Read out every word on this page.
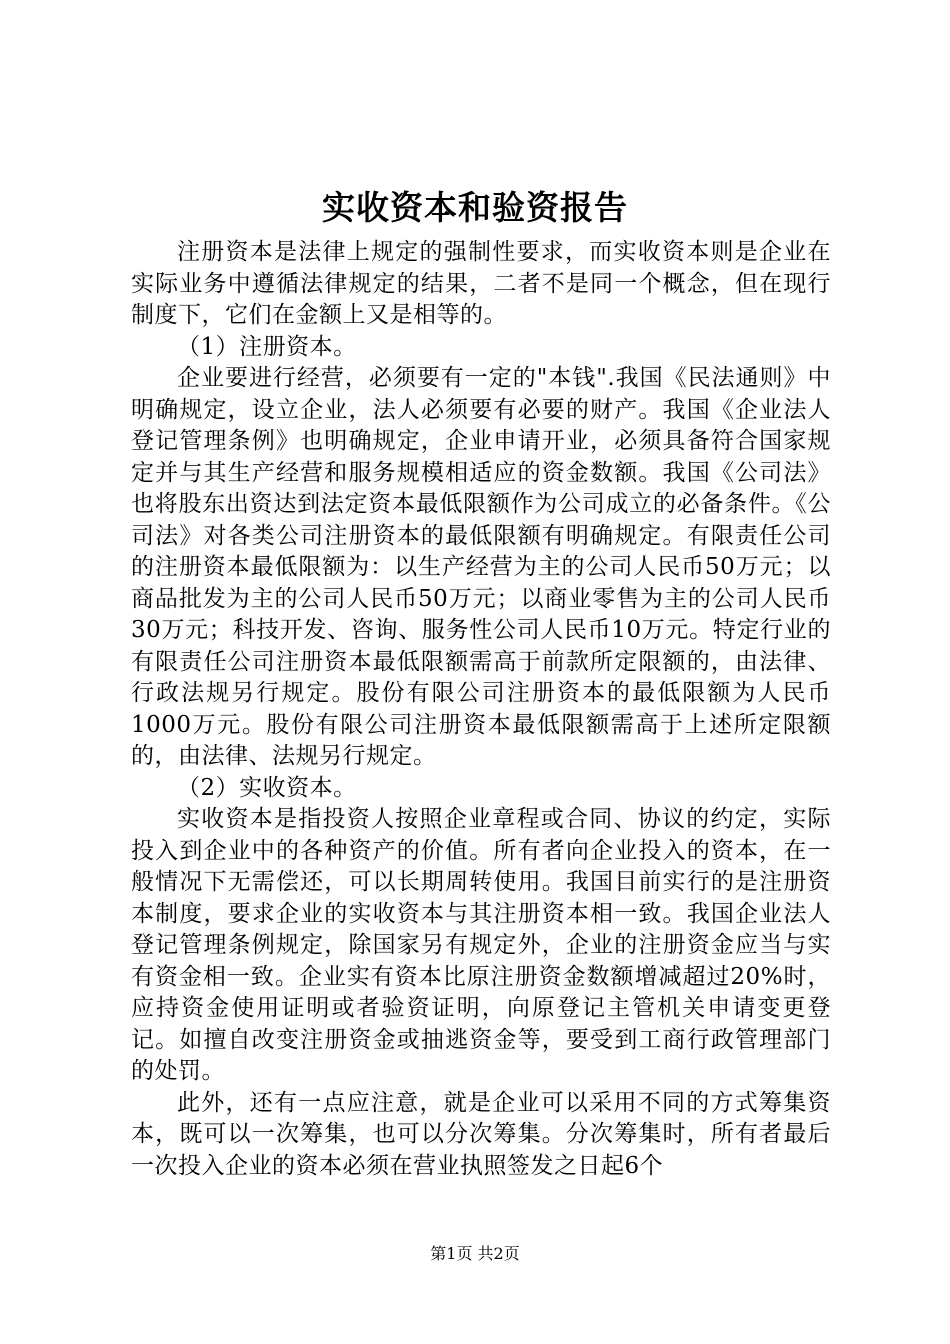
实收资本和验资报告

注册资本是法律上规定的强制性要求，而实收资本则是企业在实际业务中遵循法律规定的结果，二者不是同一个概念，但在现行制度下，它们在金额上又是相等的。

（1）注册资本。

企业要进行经营，必须要有一定的"本钱".我国《民法通则》中明确规定，设立企业，法人必须要有必要的财产。我国《企业法人登记管理条例》也明确规定，企业申请开业，必须具备符合国家规定并与其生产经营和服务规模相适应的资金数额。我国《公司法》也将股东出资达到法定资本最低限额作为公司成立的必备条件。《公司法》对各类公司注册资本的最低限额有明确规定。有限责任公司的注册资本最低限额为：以生产经营为主的公司人民币50万元；以商品批发为主的公司人民币50万元；以商业零售为主的公司人民币30万元；科技开发、咨询、服务性公司人民币10万元。特定行业的有限责任公司注册资本最低限额需高于前款所定限额的，由法律、行政法规另行规定。股份有限公司注册资本的最低限额为人民币1000万元。股份有限公司注册资本最低限额需高于上述所定限额的，由法律、法规另行规定。

（2）实收资本。

实收资本是指投资人按照企业章程或合同、协议的约定，实际投入到企业中的各种资产的价值。所有者向企业投入的资本，在一般情况下无需偿还，可以长期周转使用。我国目前实行的是注册资本制度，要求企业的实收资本与其注册资本相一致。我国企业法人登记管理条例规定，除国家另有规定外，企业的注册资金应当与实有资金相一致。企业实有资本比原注册资金数额增减超过20%时，应持资金使用证明或者验资证明，向原登记主管机关申请变更登记。如擅自改变注册资金或抽逃资金等，要受到工商行政管理部门的处罚。

此外，还有一点应注意，就是企业可以采用不同的方式筹集资本，既可以一次筹集，也可以分次筹集。分次筹集时，所有者最后一次投入企业的资本必须在营业执照签发之日起6个

第1页 共2页
